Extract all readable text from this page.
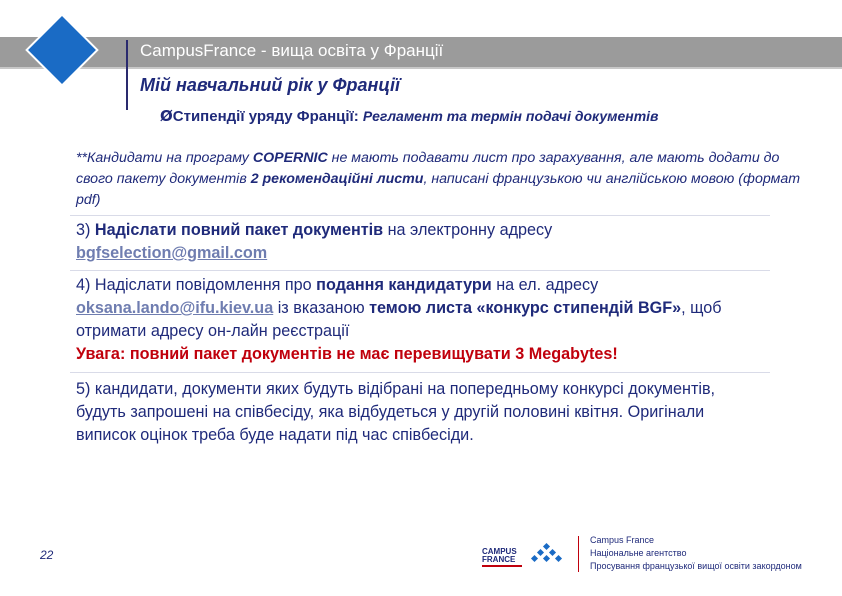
CampusFrance - вища освіта у Франції
Мій навчальний рік у Франції
ØСтипендії уряду Франції: Регламент та термін подачі документів
**Кандидати на програму COPERNIC не мають подавати лист про зарахування, але мають додати до свого пакету документів 2 рекомендаційні листи, написані французькою чи англійською мовою (формат pdf)
3) Надіслати повний пакет документів на электронну адресу
bgfselection@gmail.com
4) Надіслати повідомлення про подання кандидатури на ел. адресу
oksana.lando@ifu.kiev.ua із вказаною темою листа «конкурс стипендій BGF», щоб отримати адресу он-лайн реєстрації
Увага: повний пакет документів не має перевищувати 3 Megabytes!
5) кандидати, документи яких будуть відібрані на попередньому конкурсі документів, будуть запрошені на співбесіду, яка відбудеться у другій половині квітня. Оригінали виписок оцінок треба буде надати під час співбесіди.
22	CAMPUS
FRANCE
Campus France
Національне агентство
Просування французької вищої освіти закордоном
